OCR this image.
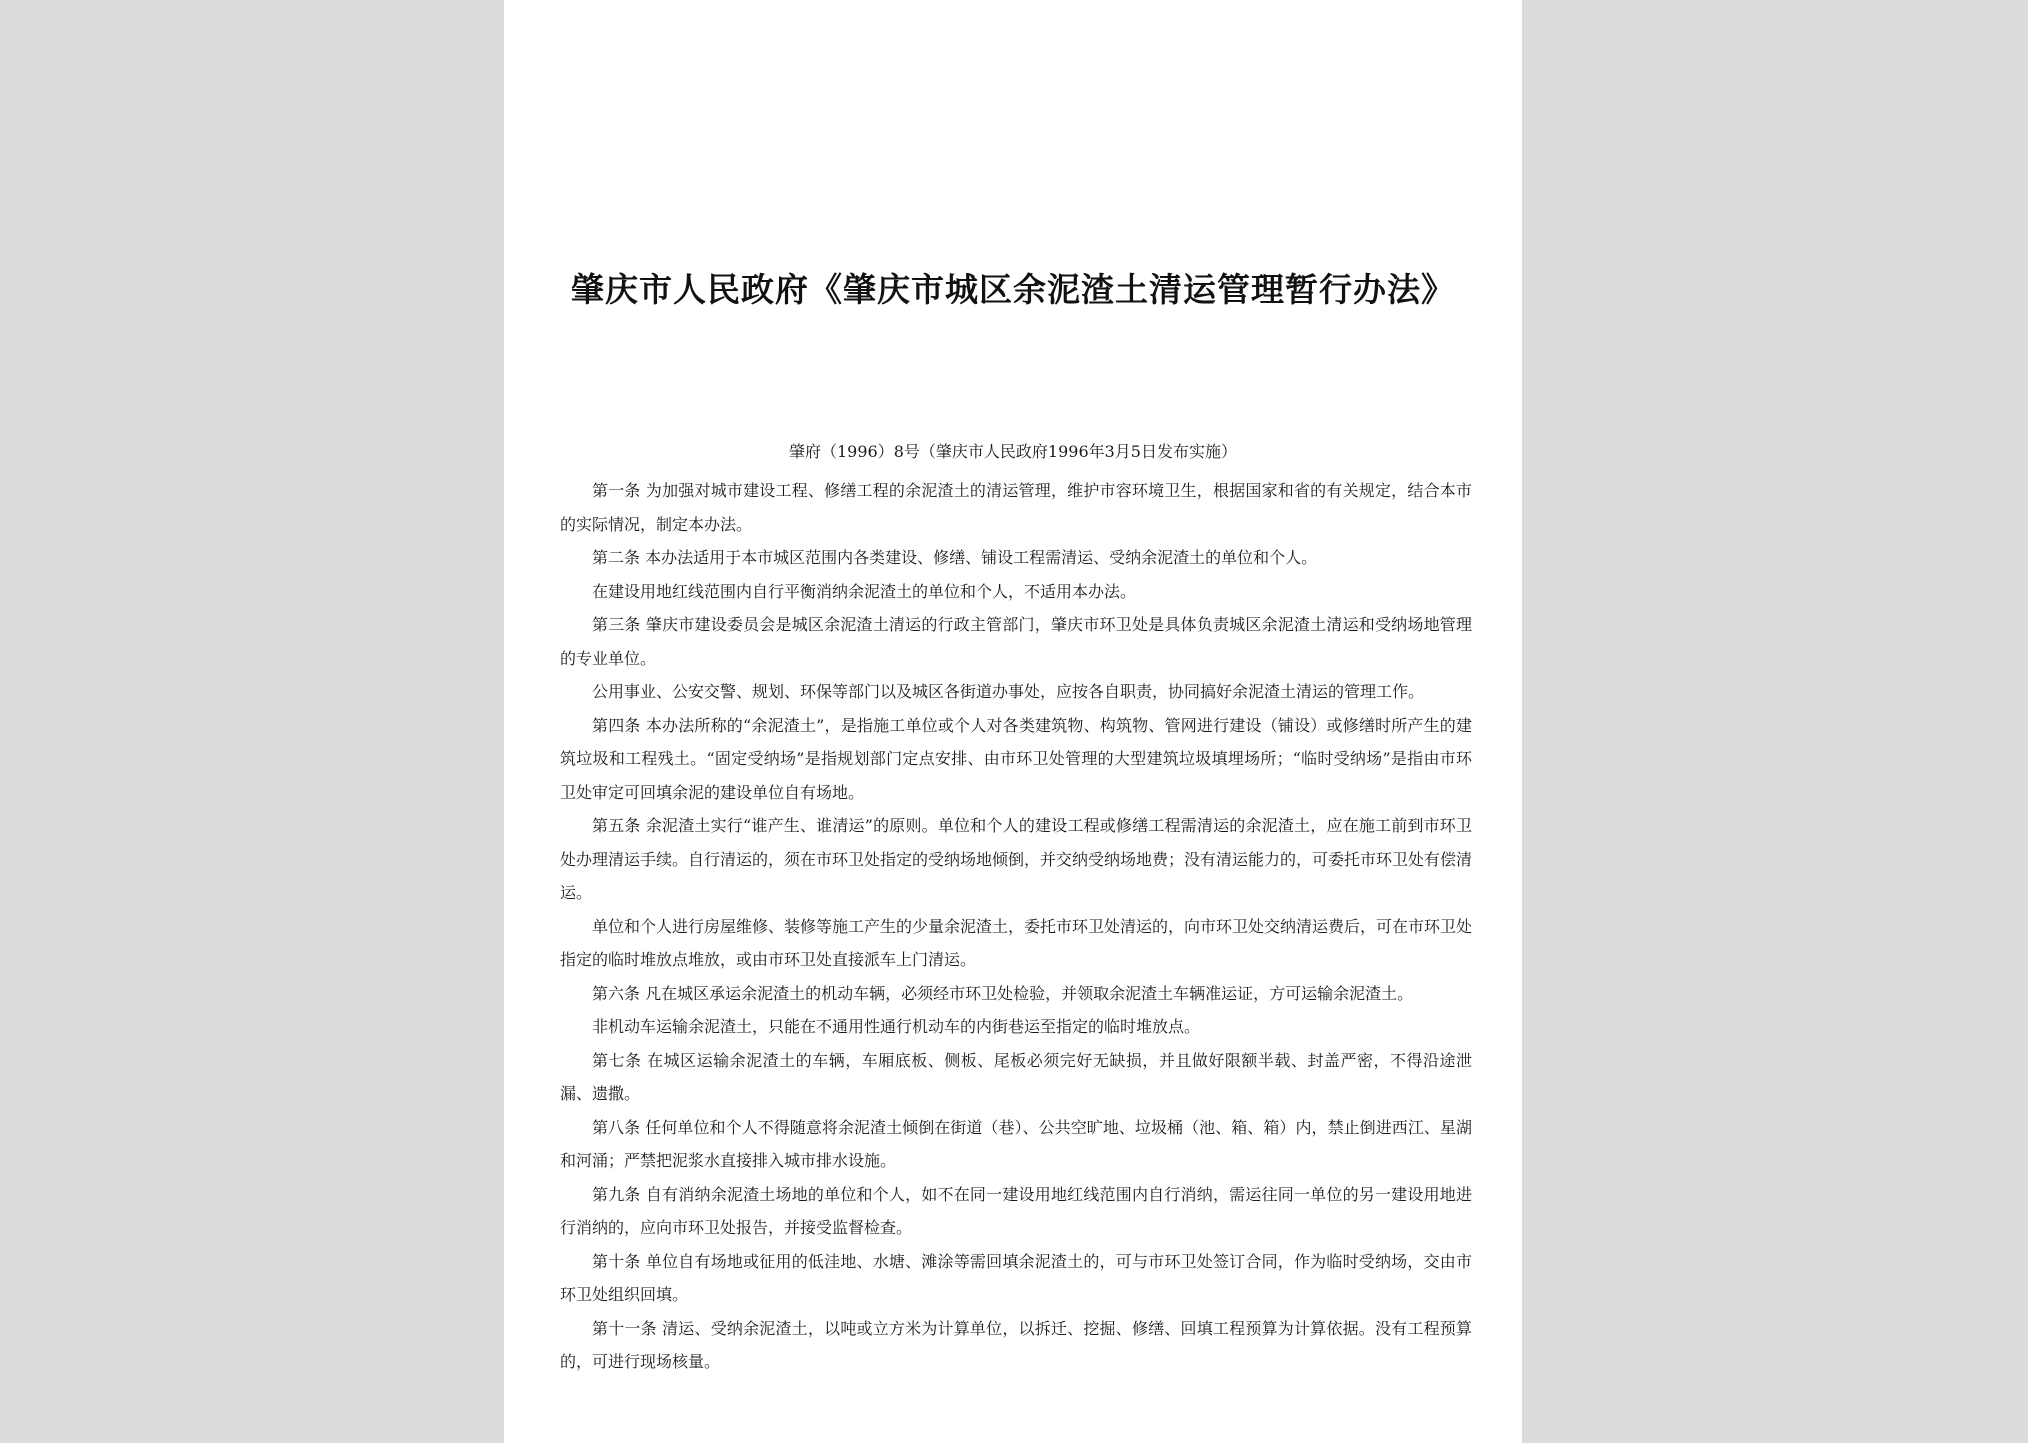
肇庆市人民政府《肇庆市城区余泥渣土清运管理暂行办法》
肇府（1996）8号（肇庆市人民政府1996年3月5日发布实施）

第一条 为加强对城市建设工程、修缮工程的余泥渣土的清运管理，维护市容环境卫生，根据国家和省的有关规定，结合本市的实际情况，制定本办法。

第二条 本办法适用于本市城区范围内各类建设、修缮、铺设工程需清运、受纳余泥渣土的单位和个人。

在建设用地红线范围内自行平衡消纳余泥渣土的单位和个人，不适用本办法。

第三条 肇庆市建设委员会是城区余泥渣土清运的行政主管部门，肇庆市环卫处是具体负责城区余泥渣土清运和受纳场地管理的专业单位。

公用事业、公安交警、规划、环保等部门以及城区各街道办事处，应按各自职责，协同搞好余泥渣土清运的管理工作。

第四条 本办法所称的“余泥渣土”，是指施工单位或个人对各类建筑物、构筑物、管网进行建设（铺设）或修缮时所产生的建筑垃圾和工程残土。“固定受纳场”是指规划部门定点安排、由市环卫处管理的大型建筑垃圾填埋场所；“临时受纳场”是指由市环卫处审定可回填余泥的建设单位自有场地。

第五条 余泥渣土实行“谁产生、谁清运”的原则。单位和个人的建设工程或修缮工程需清运的余泥渣土，应在施工前到市环卫处办理清运手续。自行清运的，须在市环卫处指定的受纳场地倾倒，并交纳受纳场地费；没有清运能力的，可委托市环卫处有偿清运。

单位和个人进行房屋维修、装修等施工产生的少量余泥渣土，委托市环卫处清运的，向市环卫处交纳清运费后，可在市环卫处指定的临时堆放点堆放，或由市环卫处直接派车上门清运。

第六条 凡在城区承运余泥渣土的机动车辆，必须经市环卫处检验，并领取余泥渣土车辆准运证，方可运输余泥渣土。

非机动车运输余泥渣土，只能在不通用性通行机动车的内街巷运至指定的临时堆放点。

第七条 在城区运输余泥渣土的车辆，车厢底板、侧板、尾板必须完好无缺损，并且做好限额半载、封盖严密，不得沿途泄漏、遗撒。

第八条 任何单位和个人不得随意将余泥渣土倾倒在街道（巷）、公共空旷地、垃圾桶（池、箱、箱）内，禁止倒进西江、星湖和河涌；严禁把泥浆水直接排入城市排水设施。

第九条 自有消纳余泥渣土场地的单位和个人，如不在同一建设用地红线范围内自行消纳，需运往同一单位的另一建设用地进行消纳的，应向市环卫处报告，并接受监督检查。

第十条 单位自有场地或征用的低洼地、水塘、滩涂等需回填余泥渣土的，可与市环卫处签订合同，作为临时受纳场，交由市环卫处组织回填。

第十一条 清运、受纳余泥渣土，以吨或立方米为计算单位，以拆迁、挖掘、修缮、回填工程预算为计算依据。没有工程预算的，可进行现场核量。
